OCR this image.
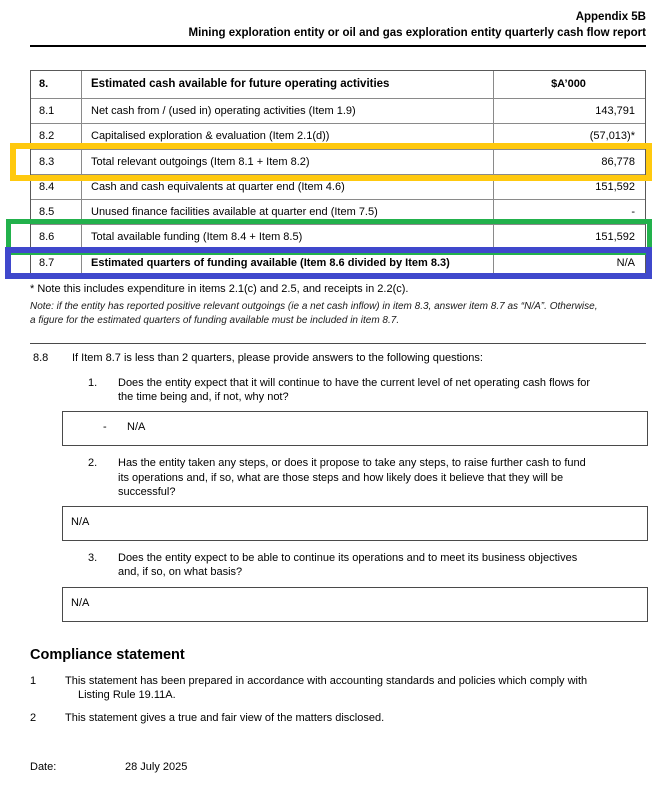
Appendix 5B
Mining exploration entity or oil and gas exploration entity quarterly cash flow report
8.	Estimated cash available for future operating activities	$A’000
8.1	Net cash from / (used in) operating activities (Item 1.9)	143,791
8.2	Capitalised exploration & evaluation (Item 2.1(d))	(57,013)*
8.3	Total relevant outgoings (Item 8.1 + Item 8.2)	86,778
8.4	Cash and cash equivalents at quarter end (Item 4.6)	151,592
8.5	Unused finance facilities available at quarter end (Item 7.5)	-
8.6	Total available funding (Item 8.4 + Item 8.5)	151,592
8.7	Estimated quarters of funding available (Item 8.6 divided by Item 8.3)	N/A
* Note this includes expenditure in items 2.1(c) and 2.5, and receipts in 2.2(c).
Note: if the entity has reported positive relevant outgoings (ie a net cash inflow) in item 8.3, answer item 8.7 as “N/A”. Otherwise, a figure for the estimated quarters of funding available must be included in item 8.7.
8.8	If Item 8.7 is less than 2 quarters, please provide answers to the following questions:
1.	Does the entity expect that it will continue to have the current level of net operating cash flows for the time being and, if not, why not?
- N/A
2.	Has the entity taken any steps, or does it propose to take any steps, to raise further cash to fund its operations and, if so, what are those steps and how likely does it believe that they will be successful?
N/A
3.	Does the entity expect to be able to continue its operations and to meet its business objectives and, if so, on what basis?
N/A
Compliance statement
1	This statement has been prepared in accordance with accounting standards and policies which comply with Listing Rule 19.11A.
2	This statement gives a true and fair view of the matters disclosed.
Date:	28 July 2025
